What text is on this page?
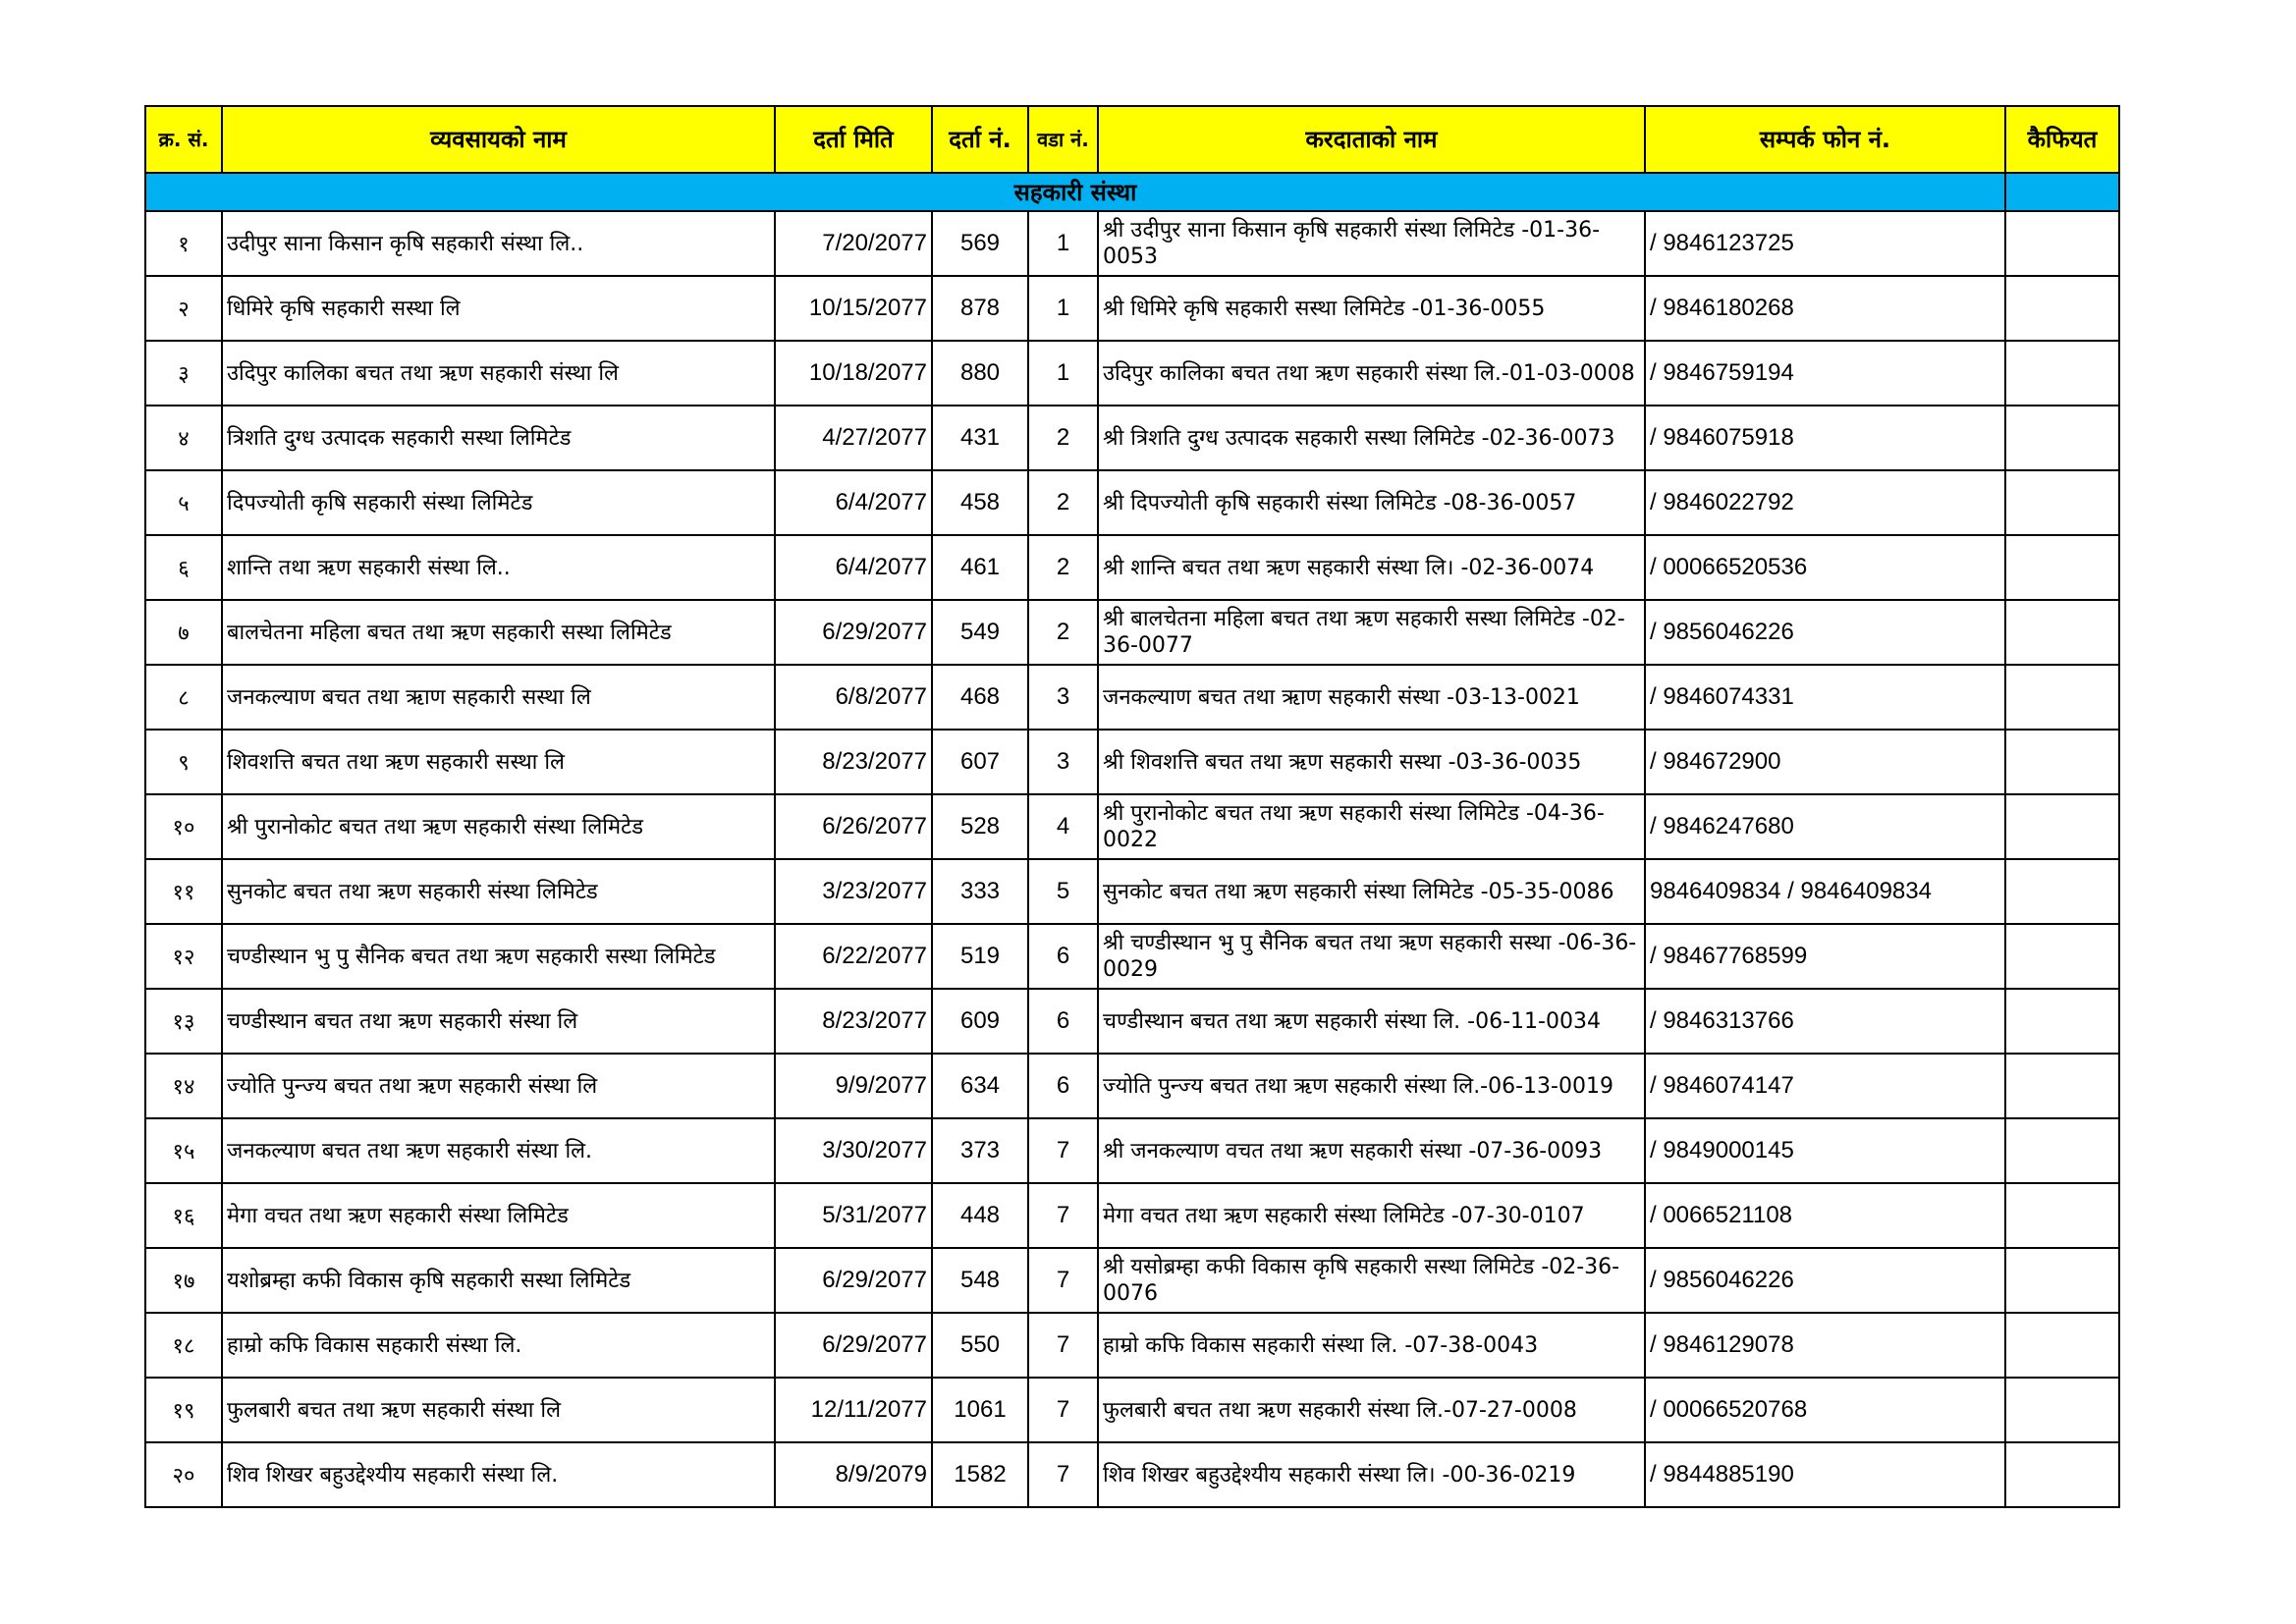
क्र. सं.	व्यवसायको नाम	दर्ता मिति	दर्ता नं.	वडा नं.	करदाताको नाम	सम्पर्क फोन नं.	कैफियत
सहकारी संस्था							
१	उदीपुर साना किसान कृषि सहकारी संस्था लि..	7/20/2077	569	1	श्री उदीपुर साना किसान कृषि सहकारी संस्था लिमिटेड -01-36-0053	/ 9846123725	
२	धिमिरे कृषि सहकारी सस्था लि	10/15/2077	878	1	श्री धिमिरे कृषि सहकारी सस्था लिमिटेड -01-36-0055	/ 9846180268	
३	उदिपुर कालिका बचत तथा ऋण सहकारी संस्था लि	10/18/2077	880	1	उदिपुर कालिका बचत तथा ऋण सहकारी संस्था लि.-01-03-0008	/ 9846759194	
४	त्रिशति दुग्ध उत्पादक सहकारी सस्था लिमिटेड	4/27/2077	431	2	श्री त्रिशति दुग्ध उत्पादक सहकारी सस्था लिमिटेड -02-36-0073	/ 9846075918	
५	दिपज्योती कृषि सहकारी संस्था लिमिटेड	6/4/2077	458	2	श्री दिपज्योती कृषि सहकारी संस्था लिमिटेड -08-36-0057	/ 9846022792	
६	शान्ति तथा ऋण सहकारी संस्था लि..	6/4/2077	461	2	श्री शान्ति बचत तथा ऋण सहकारी संस्था लि। -02-36-0074	/ 00066520536	
७	बालचेतना महिला बचत तथा ऋण सहकारी सस्था लिमिटेड	6/29/2077	549	2	श्री बालचेतना महिला बचत तथा ऋण सहकारी सस्था लिमिटेड -02-36-0077	/ 9856046226	
८	जनकल्याण बचत तथा ऋाण सहकारी सस्था लि	6/8/2077	468	3	जनकल्याण बचत तथा ऋाण सहकारी संस्था -03-13-0021	/ 9846074331	
९	शिवशत्ति बचत तथा ऋण सहकारी सस्था लि	8/23/2077	607	3	श्री शिवशत्ति बचत तथा ऋण सहकारी सस्था -03-36-0035	/ 984672900	
१०	श्री पुरानोकोट बचत तथा ऋण सहकारी संस्था लिमिटेड	6/26/2077	528	4	श्री पुरानोकोट बचत तथा ऋण सहकारी संस्था लिमिटेड -04-36-0022	/ 9846247680	
११	सुनकोट बचत तथा ऋण सहकारी संस्था लिमिटेड	3/23/2077	333	5	सुनकोट बचत तथा ऋण सहकारी संस्था लिमिटेड -05-35-0086	9846409834 / 9846409834	
१२	चण्डीस्थान भु पु सैनिक बचत तथा ऋण सहकारी सस्था लिमिटेड	6/22/2077	519	6	श्री चण्डीस्थान भु पु सैनिक बचत तथा ऋण सहकारी सस्था -06-36-0029	/ 98467768599	
१३	चण्डीस्थान बचत तथा ऋण सहकारी संस्था लि	8/23/2077	609	6	चण्डीस्थान बचत तथा ऋण सहकारी संस्था लि. -06-11-0034	/ 9846313766	
१४	ज्योति पुन्ज्य बचत तथा ऋण सहकारी संस्था लि	9/9/2077	634	6	ज्योति पुन्ज्य बचत तथा ऋण सहकारी संस्था लि.-06-13-0019	/ 9846074147	
१५	जनकल्याण बचत तथा ऋण सहकारी संस्था लि.	3/30/2077	373	7	श्री जनकल्याण वचत तथा ऋण सहकारी संस्था -07-36-0093	/ 9849000145	
१६	मेगा वचत तथा ऋण सहकारी संस्था लिमिटेड	5/31/2077	448	7	मेगा वचत तथा ऋण सहकारी संस्था लिमिटेड -07-30-0107	/ 0066521108	
१७	यशोब्रम्हा कफी विकास कृषि सहकारी सस्था लिमिटेड	6/29/2077	548	7	श्री यसोब्रम्हा कफी विकास कृषि सहकारी सस्था लिमिटेड -02-36-0076	/ 9856046226	
१८	हाम्रो कफि विकास सहकारी संस्था लि.	6/29/2077	550	7	हाम्रो कफि विकास सहकारी संस्था लि. -07-38-0043	/ 9846129078	
१९	फुलबारी बचत तथा ऋण सहकारी संस्था लि	12/11/2077	1061	7	फुलबारी बचत तथा ऋण सहकारी संस्था लि.-07-27-0008	/ 00066520768	
२०	शिव शिखर बहुउद्देश्यीय सहकारी संस्था लि.	8/9/2079	1582	7	शिव शिखर बहुउद्देश्यीय सहकारी संस्था लि। -00-36-0219	/ 9844885190	
